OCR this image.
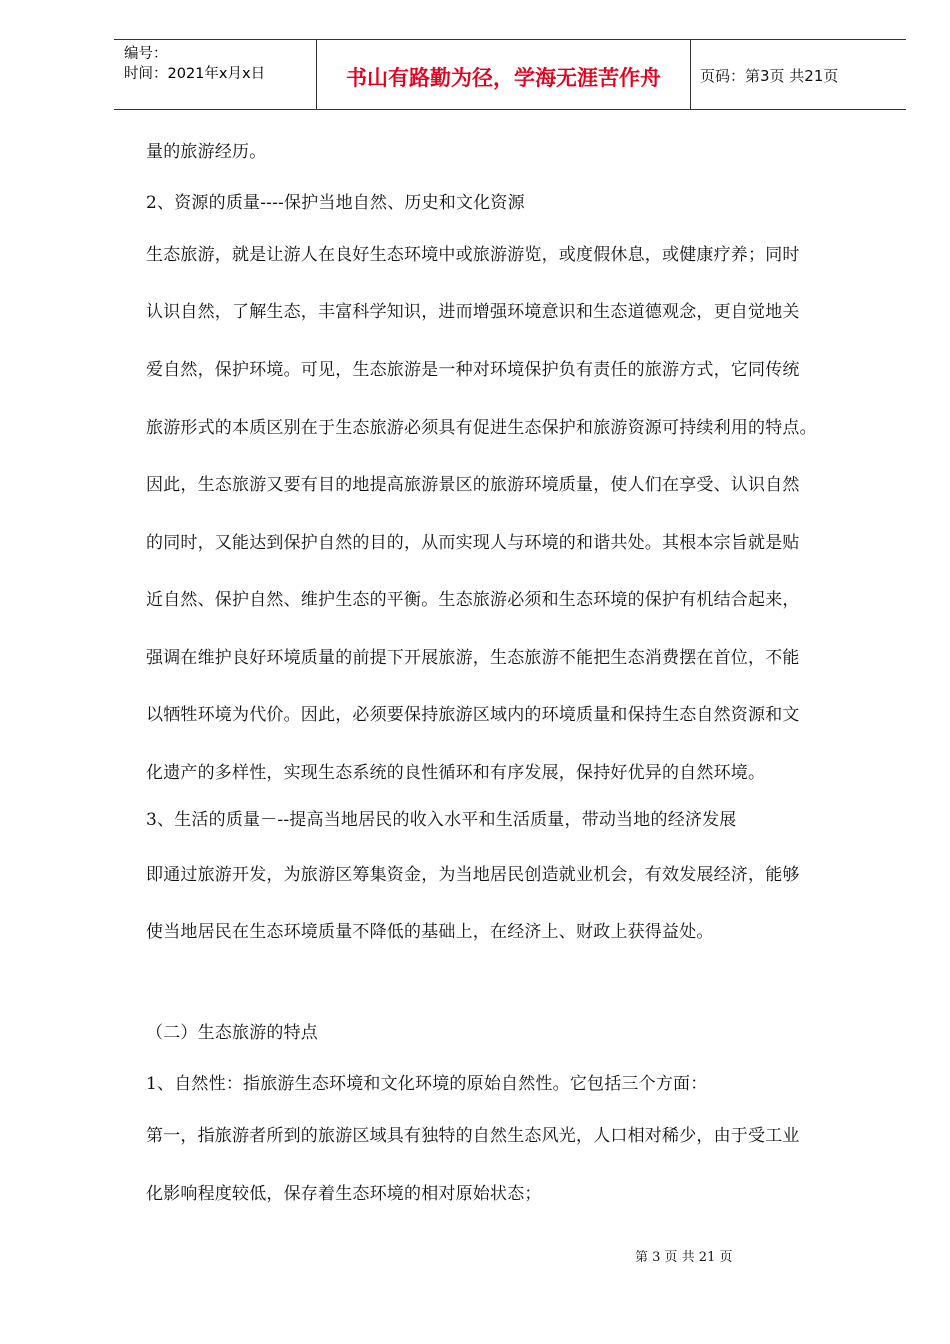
编号：
时间：2021年x月x日	书山有路勤为径，学海无涯苦作舟	页码：第3页 共21页
量的旅游经历。
2、资源的质量----保护当地自然、历史和文化资源
生态旅游，就是让游人在良好生态环境中或旅游游览，或度假休息，或健康疗养；同时
认识自然，了解生态，丰富科学知识，进而增强环境意识和生态道德观念，更自觉地关
爱自然，保护环境。可见，生态旅游是一种对环境保护负有责任的旅游方式，它同传统
旅游形式的本质区别在于生态旅游必须具有促进生态保护和旅游资源可持续利用的特点。
因此，生态旅游又要有目的地提高旅游景区的旅游环境质量，使人们在享受、认识自然
的同时，又能达到保护自然的目的，从而实现人与环境的和谐共处。其根本宗旨就是贴
近自然、保护自然、维护生态的平衡。生态旅游必须和生态环境的保护有机结合起来，
强调在维护良好环境质量的前提下开展旅游，生态旅游不能把生态消费摆在首位，不能
以牺牲环境为代价。因此，必须要保持旅游区域内的环境质量和保持生态自然资源和文
化遗产的多样性，实现生态系统的良性循环和有序发展，保持好优异的自然环境。
3、生活的质量－--提高当地居民的收入水平和生活质量，带动当地的经济发展
即通过旅游开发，为旅游区筹集资金，为当地居民创造就业机会，有效发展经济，能够
使当地居民在生态环境质量不降低的基础上，在经济上、财政上获得益处。
（二）生态旅游的特点
1、自然性：指旅游生态环境和文化环境的原始自然性。它包括三个方面：
第一，指旅游者所到的旅游区域具有独特的自然生态风光，人口相对稀少，由于受工业
化影响程度较低，保存着生态环境的相对原始状态；
第 3 页 共 21 页
